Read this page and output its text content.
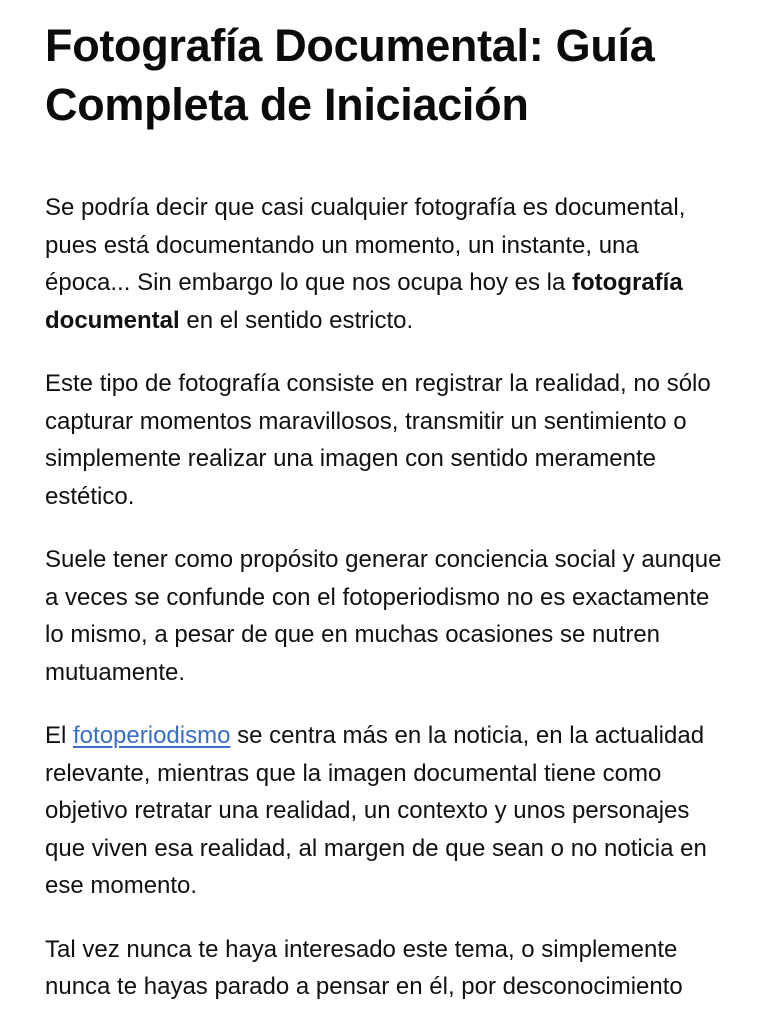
Fotografía Documental: Guía Completa de Iniciación

Se podría decir que casi cualquier fotografía es documental, pues está documentando un momento, un instante, una época... Sin embargo lo que nos ocupa hoy es la fotografía documental en el sentido estricto.

Este tipo de fotografía consiste en registrar la realidad, no sólo capturar momentos maravillosos, transmitir un sentimiento o simplemente realizar una imagen con sentido meramente estético.

Suele tener como propósito generar conciencia social y aunque a veces se confunde con el fotoperiodismo no es exactamente lo mismo, a pesar de que en muchas ocasiones se nutren mutuamente.

El fotoperiodismo se centra más en la noticia, en la actualidad relevante, mientras que la imagen documental tiene como objetivo retratar una realidad, un contexto y unos personajes que viven esa realidad, al margen de que sean o no noticia en ese momento.

Tal vez nunca te haya interesado este tema, o simplemente nunca te hayas parado a pensar en él, por desconocimiento
